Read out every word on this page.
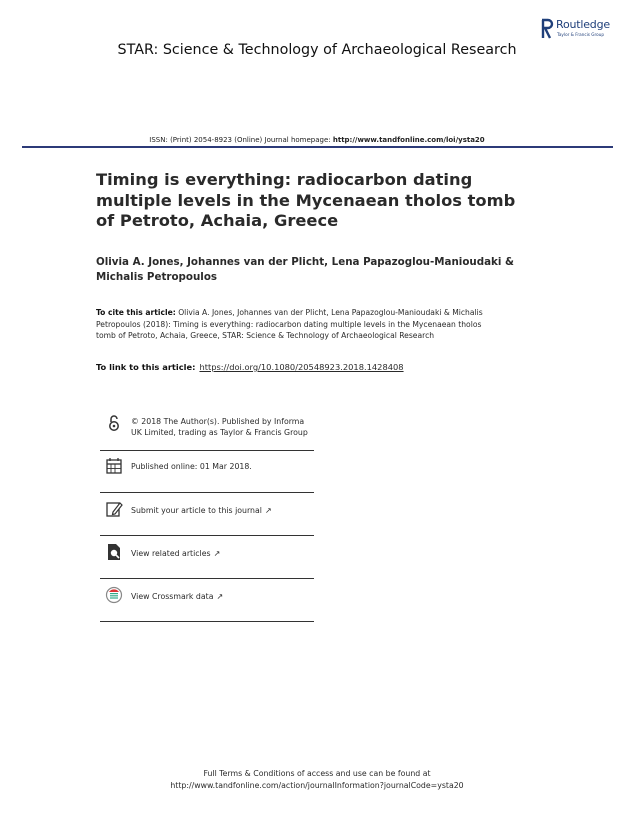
Routledge
Taylor & Francis Group
STAR: Science & Technology of Archaeological Research
ISSN: (Print) 2054-8923 (Online) Journal homepage: http://www.tandfonline.com/loi/ysta20
Timing is everything: radiocarbon dating multiple levels in the Mycenaean tholos tomb of Petroto, Achaia, Greece
Olivia A. Jones, Johannes van der Plicht, Lena Papazoglou-Manioudaki & Michalis Petropoulos
To cite this article: Olivia A. Jones, Johannes van der Plicht, Lena Papazoglou-Manioudaki & Michalis Petropoulos (2018): Timing is everything: radiocarbon dating multiple levels in the Mycenaean tholos tomb of Petroto, Achaia, Greece, STAR: Science & Technology of Archaeological Research
To link to this article: https://doi.org/10.1080/20548923.2018.1428408
© 2018 The Author(s). Published by Informa UK Limited, trading as Taylor & Francis Group
Published online: 01 Mar 2018.
Submit your article to this journal ↗
View related articles ↗
View Crossmark data ↗
Full Terms & Conditions of access and use can be found at
http://www.tandfonline.com/action/journalInformation?journalCode=ysta20
